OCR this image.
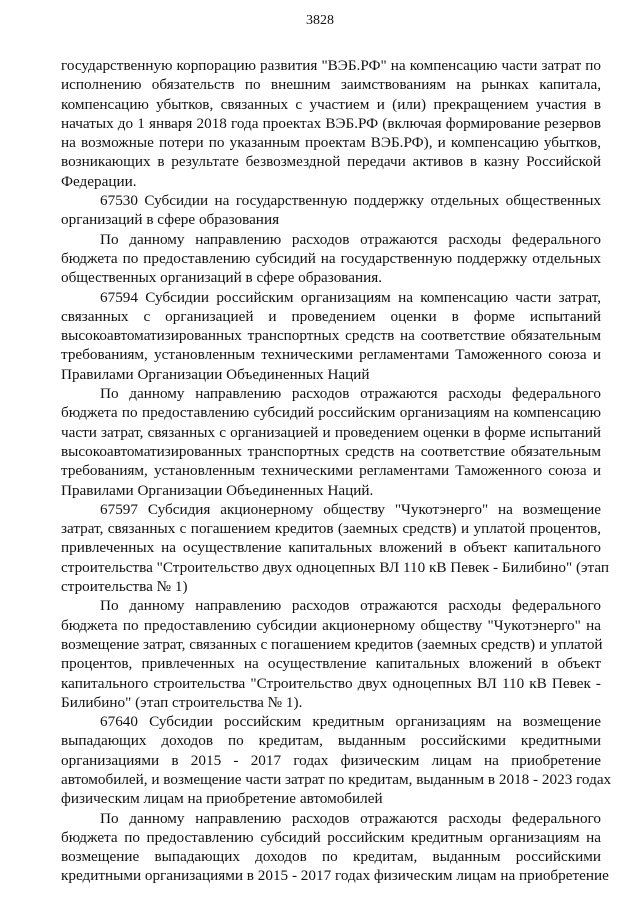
3828
государственную корпорацию развития "ВЭБ.РФ" на компенсацию части затрат по
исполнению обязательств по внешним заимствованиям на рынках капитала,
компенсацию убытков, связанных с участием и (или) прекращением участия в
начатых до 1 января 2018 года проектах ВЭБ.РФ (включая формирование резервов
на возможные потери по указанным проектам ВЭБ.РФ), и компенсацию убытков,
возникающих в результате безвозмездной передачи активов в казну Российской
Федерации.
67530 Субсидии на государственную поддержку отдельных общественных
организаций в сфере образования
По данному направлению расходов отражаются расходы федерального
бюджета по предоставлению субсидий на государственную поддержку отдельных
общественных организаций в сфере образования.
67594 Субсидии российским организациям на компенсацию части затрат,
связанных с организацией и проведением оценки в форме испытаний
высокоавтоматизированных транспортных средств на соответствие обязательным
требованиям, установленным техническими регламентами Таможенного союза и
Правилами Организации Объединенных Наций
По данному направлению расходов отражаются расходы федерального
бюджета по предоставлению субсидий российским организациям на компенсацию
части затрат, связанных с организацией и проведением оценки в форме испытаний
высокоавтоматизированных транспортных средств на соответствие обязательным
требованиям, установленным техническими регламентами Таможенного союза и
Правилами Организации Объединенных Наций.
67597 Субсидия акционерному обществу "Чукотэнерго" на возмещение
затрат, связанных с погашением кредитов (заемных средств) и уплатой процентов,
привлеченных на осуществление капитальных вложений в объект капитального
строительства "Строительство двух одноцепных ВЛ 110 кВ Певек - Билибино" (этап
строительства № 1)
По данному направлению расходов отражаются расходы федерального
бюджета по предоставлению субсидии акционерному обществу "Чукотэнерго" на
возмещение затрат, связанных с погашением кредитов (заемных средств) и уплатой
процентов, привлеченных на осуществление капитальных вложений в объект
капитального строительства "Строительство двух одноцепных ВЛ 110 кВ Певек -
Билибино" (этап строительства № 1).
67640 Субсидии российским кредитным организациям на возмещение
выпадающих доходов по кредитам, выданным российскими кредитными
организациями в 2015 - 2017 годах физическим лицам на приобретение
автомобилей, и возмещение части затрат по кредитам, выданным в 2018 - 2023 годах
физическим лицам на приобретение автомобилей
По данному направлению расходов отражаются расходы федерального
бюджета по предоставлению субсидий российским кредитным организациям на
возмещение выпадающих доходов по кредитам, выданным российскими
кредитными организациями в 2015 - 2017 годах физическим лицам на приобретение
